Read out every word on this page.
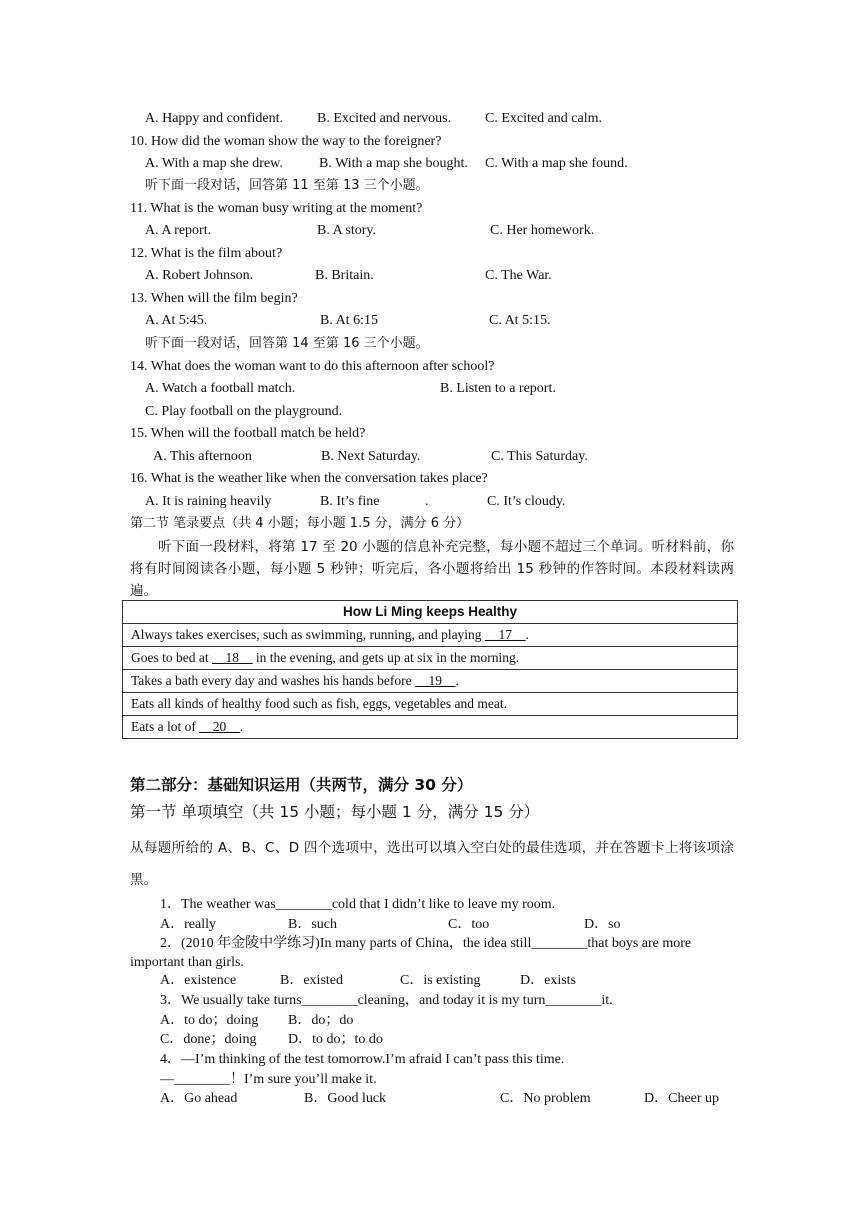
A. Happy and confident. B. Excited and nervous. C. Excited and calm.
10. How did the woman show the way to the foreigner?
A. With a map she drew.	B. With a map she bought. C. With a map she found.
听下面一段对话，回答第 11 至第 13 三个小题。
11. What is the woman busy writing at the moment?
A. A report.	B. A story.	C. Her homework.
12. What is the film about?
A. Robert Johnson.	B. Britain.	C. The War.
13. When will the film begin?
A. At 5:45.	B. At 6:15	C. At 5:15.
听下面一段对话，回答第 14 至第 16 三个小题。
14. What does the woman want to do this afternoon after school?
A. Watch a football match.	B. Listen to a report.
C. Play football on the playground.
15. When will the football match be held?
A. This afternoon	B. Next Saturday.	C. This Saturday.
16. What is the weather like when the conversation takes place?
A. It is raining heavily	B. It’s fine	.	C. It’s cloudy.
第二节 笔录要点（共 4 小题；每小题 1.5 分，满分 6 分）
听下面一段材料，将第 17 至 20 小题的信息补充完整，每小题不超过三个单词。听材料前，你将有时间阅读各小题，每小题 5 秒钟；听完后，各小题将给出 15 秒钟的作答时间。本段材料读两遍。
How Li Ming keeps Healthy
Always takes exercises, such as swimming, running, and playing __17__.
Goes to bed at __18__ in the evening, and gets up at six in the morning.
Takes a bath every day and washes his hands before __19__.
Eats all kinds of healthy food such as fish, eggs, vegetables and meat.
Eats a lot of __20__.
第二部分：基础知识运用（共两节，满分 30 分）
第一节 单项填空（共 15 小题；每小题 1 分，满分 15 分）
从每题所给的 A、B、C、D 四个选项中，选出可以填入空白处的最佳选项，并在答题卡上将该项涂黑。
1．The weather was________cold that I didn’t like to leave my room.
A．really	B．such	C．too	D．so
2．(2010 年金陵中学练习)In many parts of China，the idea still________that boys are more
important than girls.
A．existence	B．existed	C．is existing	D．exists
3．We usually take turns________cleaning，and today it is my turn________it.
A．to do；doing B．do；do
C．done；doing D．to do；to do
4．—I’m thinking of the test tomorrow.I’m afraid I can’t pass this time.
—________！I’m sure you’ll make it.
A．Go ahead	B．Good luck	C．No problem	D．Cheer up
